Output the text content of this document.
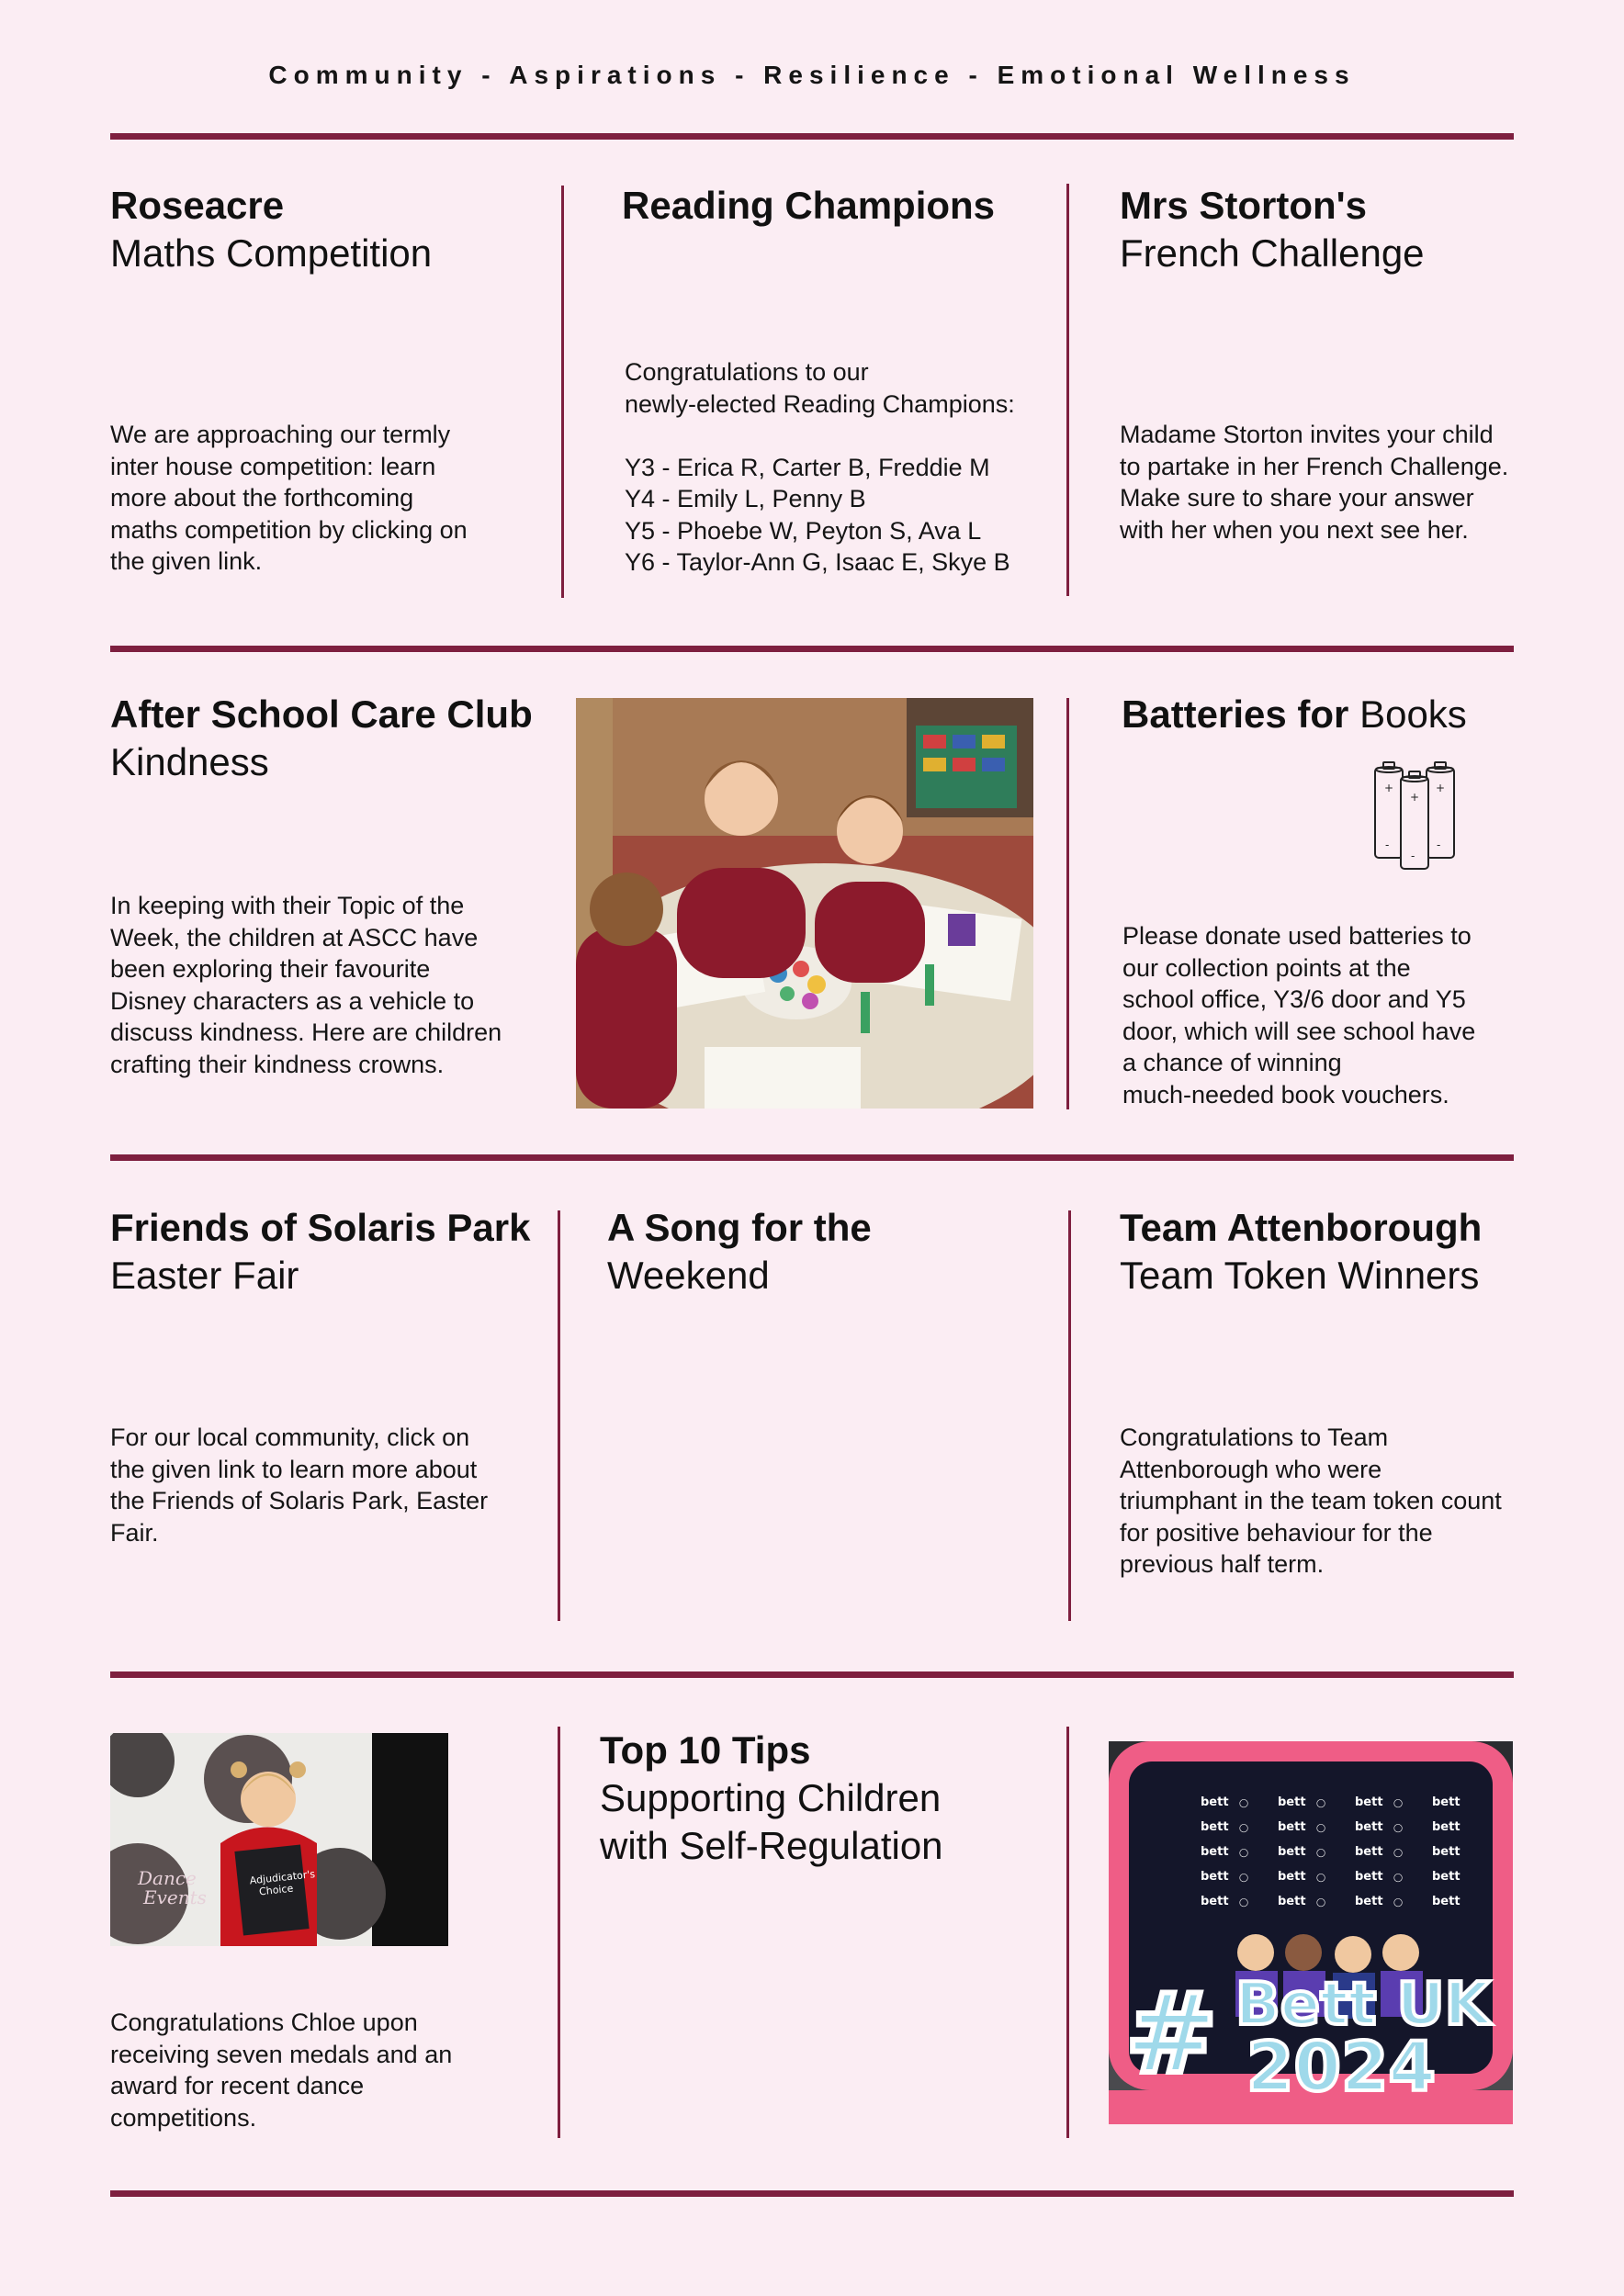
Community - Aspirations - Resilience - Emotional Wellness
Roseacre
Maths Competition
We are approaching our termly
inter house competition: learn
more about the forthcoming
maths competition by clicking on
the given link.
Reading Champions
Congratulations to our
newly-elected Reading Champions:

Y3 - Erica R, Carter B, Freddie M
Y4 - Emily L, Penny B
Y5 - Phoebe W, Peyton S, Ava L
Y6 - Taylor-Ann G, Isaac E, Skye B
Mrs Storton's
French Challenge
Madame Storton invites your child
to partake in her French Challenge.
Make sure to share your answer
with her when you next see her.
After School Care Club
Kindness
In keeping with their Topic of the
Week, the children at ASCC have
been exploring their favourite
Disney characters as a vehicle to
discuss kindness. Here are children
crafting their kindness crowns.
Batteries for Books
+	+
+
-	-
-
Please donate used batteries to
our collection points at the
school office, Y3/6 door and Y5
door, which will see school have
a chance of winning
much-needed book vouchers.
Friends of Solaris Park
Easter Fair
For our local community, click on
the given link to learn more about
the Friends of Solaris Park, Easter
Fair.
A Song for the
Weekend
Team Attenborough
Team Token Winners
Congratulations to Team
Attenborough who were
triumphant in the team token count
for positive behaviour for the
previous half term.
Dance
Events
Adjudicator's
Choice
Congratulations Chloe upon
receiving seven medals and an
award for recent dance
competitions.
Top 10 Tips
Supporting Children
with Self-Regulation
bett ◯ bett ◯ bett ◯ bett
bett ◯ bett ◯ bett ◯ bett
bett ◯ bett ◯ bett ◯ bett
bett ◯ bett ◯ bett ◯ bett
bett ◯ bett ◯ bett ◯ bett
# Bett UK
2024
